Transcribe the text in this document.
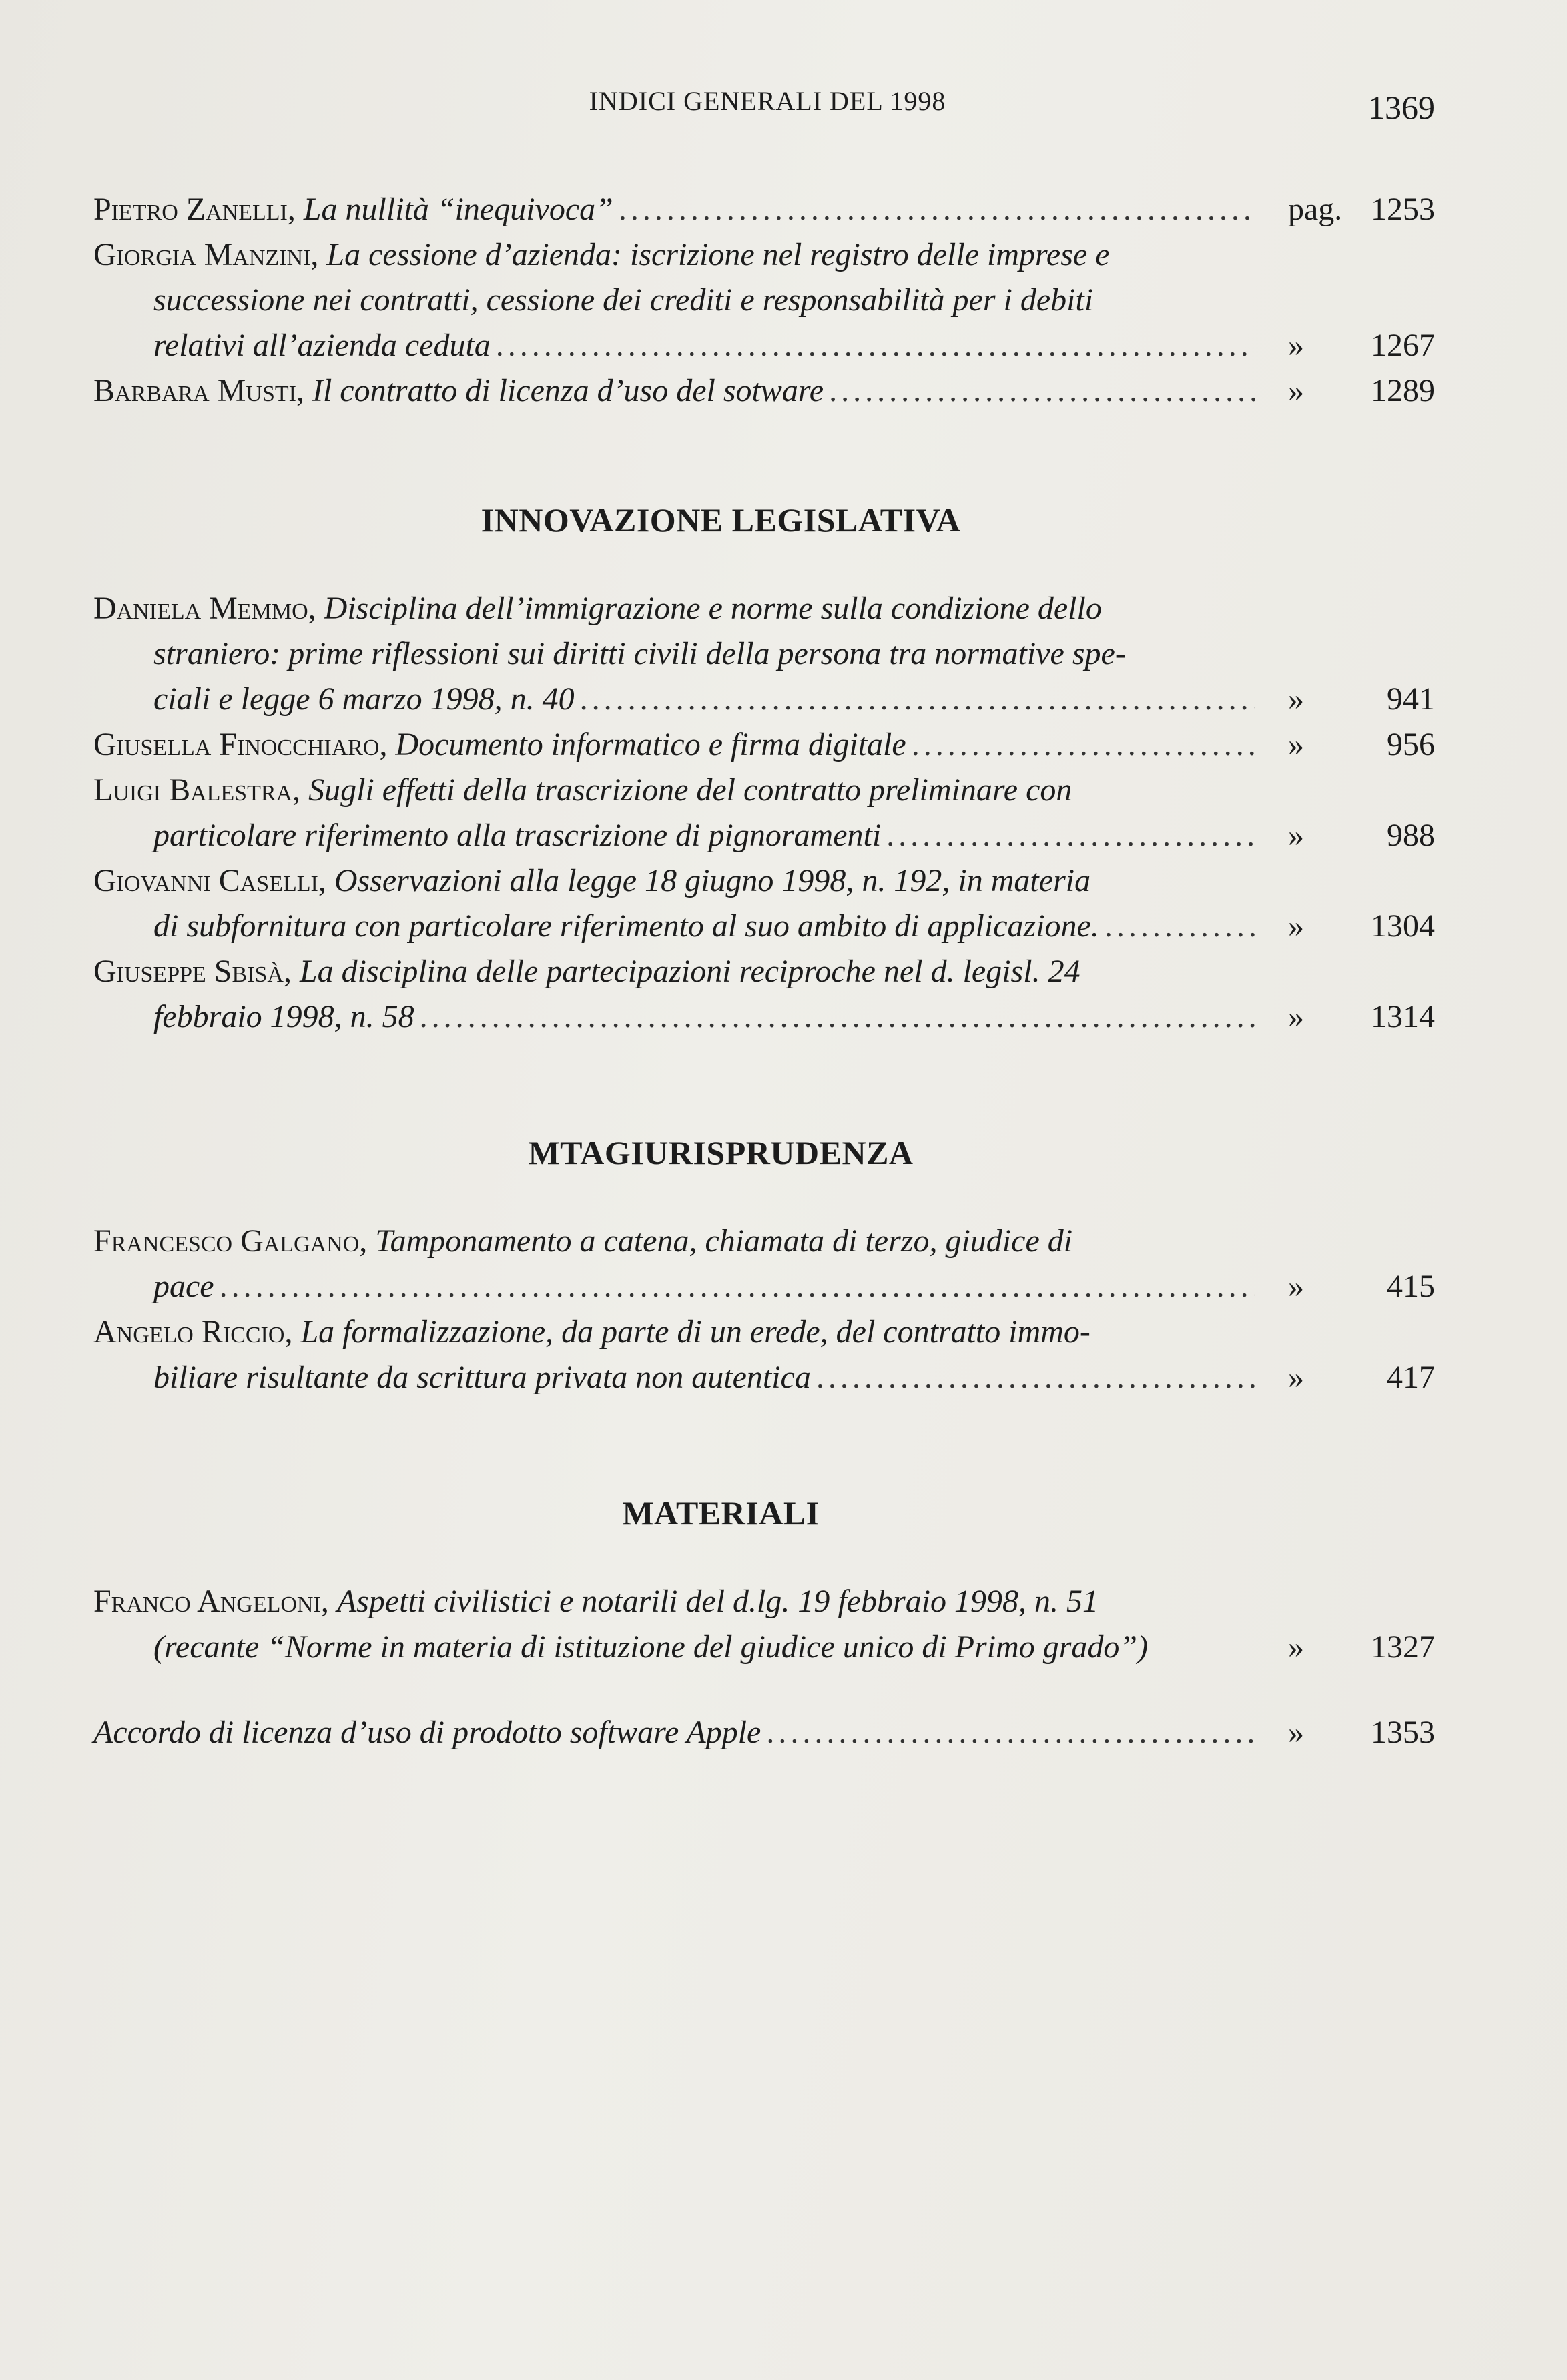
INDICI GENERALI DEL 1998	1369
Pietro Zanelli , La nullità “inequivoca” .....	pag. 1253
Giorgia Manzini, La cessione d’azienda: iscrizione nel registro delle imprese e
successione nei contratti, cessione dei crediti e responsabilità per i debiti
relativi all’azienda ceduta .....	» 1267
Barbara Musti , Il contratto di licenza d’uso del sotware .....	» 1289
INNOVAZIONE LEGISLATIVA
Daniela Memmo, Disciplina dell’immigrazione e norme sulla condizione dello
straniero: prime riflessioni sui diritti civili della persona tra normative spe-
ciali e legge 6 marzo 1998, n. 40 .....	»	941
Giusella Finocchiaro , Documento informatico e firma digitale .....	»	956
Luigi Balestra, Sugli effetti della trascrizione del contratto preliminare con
particolare riferimento alla trascrizione di pignoramenti .....	»	988
Giovanni Caselli, Osservazioni alla legge 18 giugno 1998, n. 192, in materia
di subfornitura con particolare riferimento al suo ambito di applicazione. .....	» 1304
Giuseppe Sbisà, La disciplina delle partecipazioni reciproche nel d. legisl. 24
febbraio 1998, n. 58 .....	» 1314
MTAGIURISPRUDENZA
Francesco Galgano, Tamponamento a catena, chiamata di terzo, giudice di
pace .....	»	415
Angelo Riccio, La formalizzazione, da parte di un erede, del contratto immo-
biliare risultante da scrittura privata non autentica .....	»	417
MATERIALI
Franco Angeloni, Aspetti civilistici e notarili del d.lg. 19 febbraio 1998, n. 51
(recante “Norme in materia di istituzione del giudice unico di Primo grado”)	» 1327
Accordo di licenza d’uso di prodotto software Apple .....	» 1353
